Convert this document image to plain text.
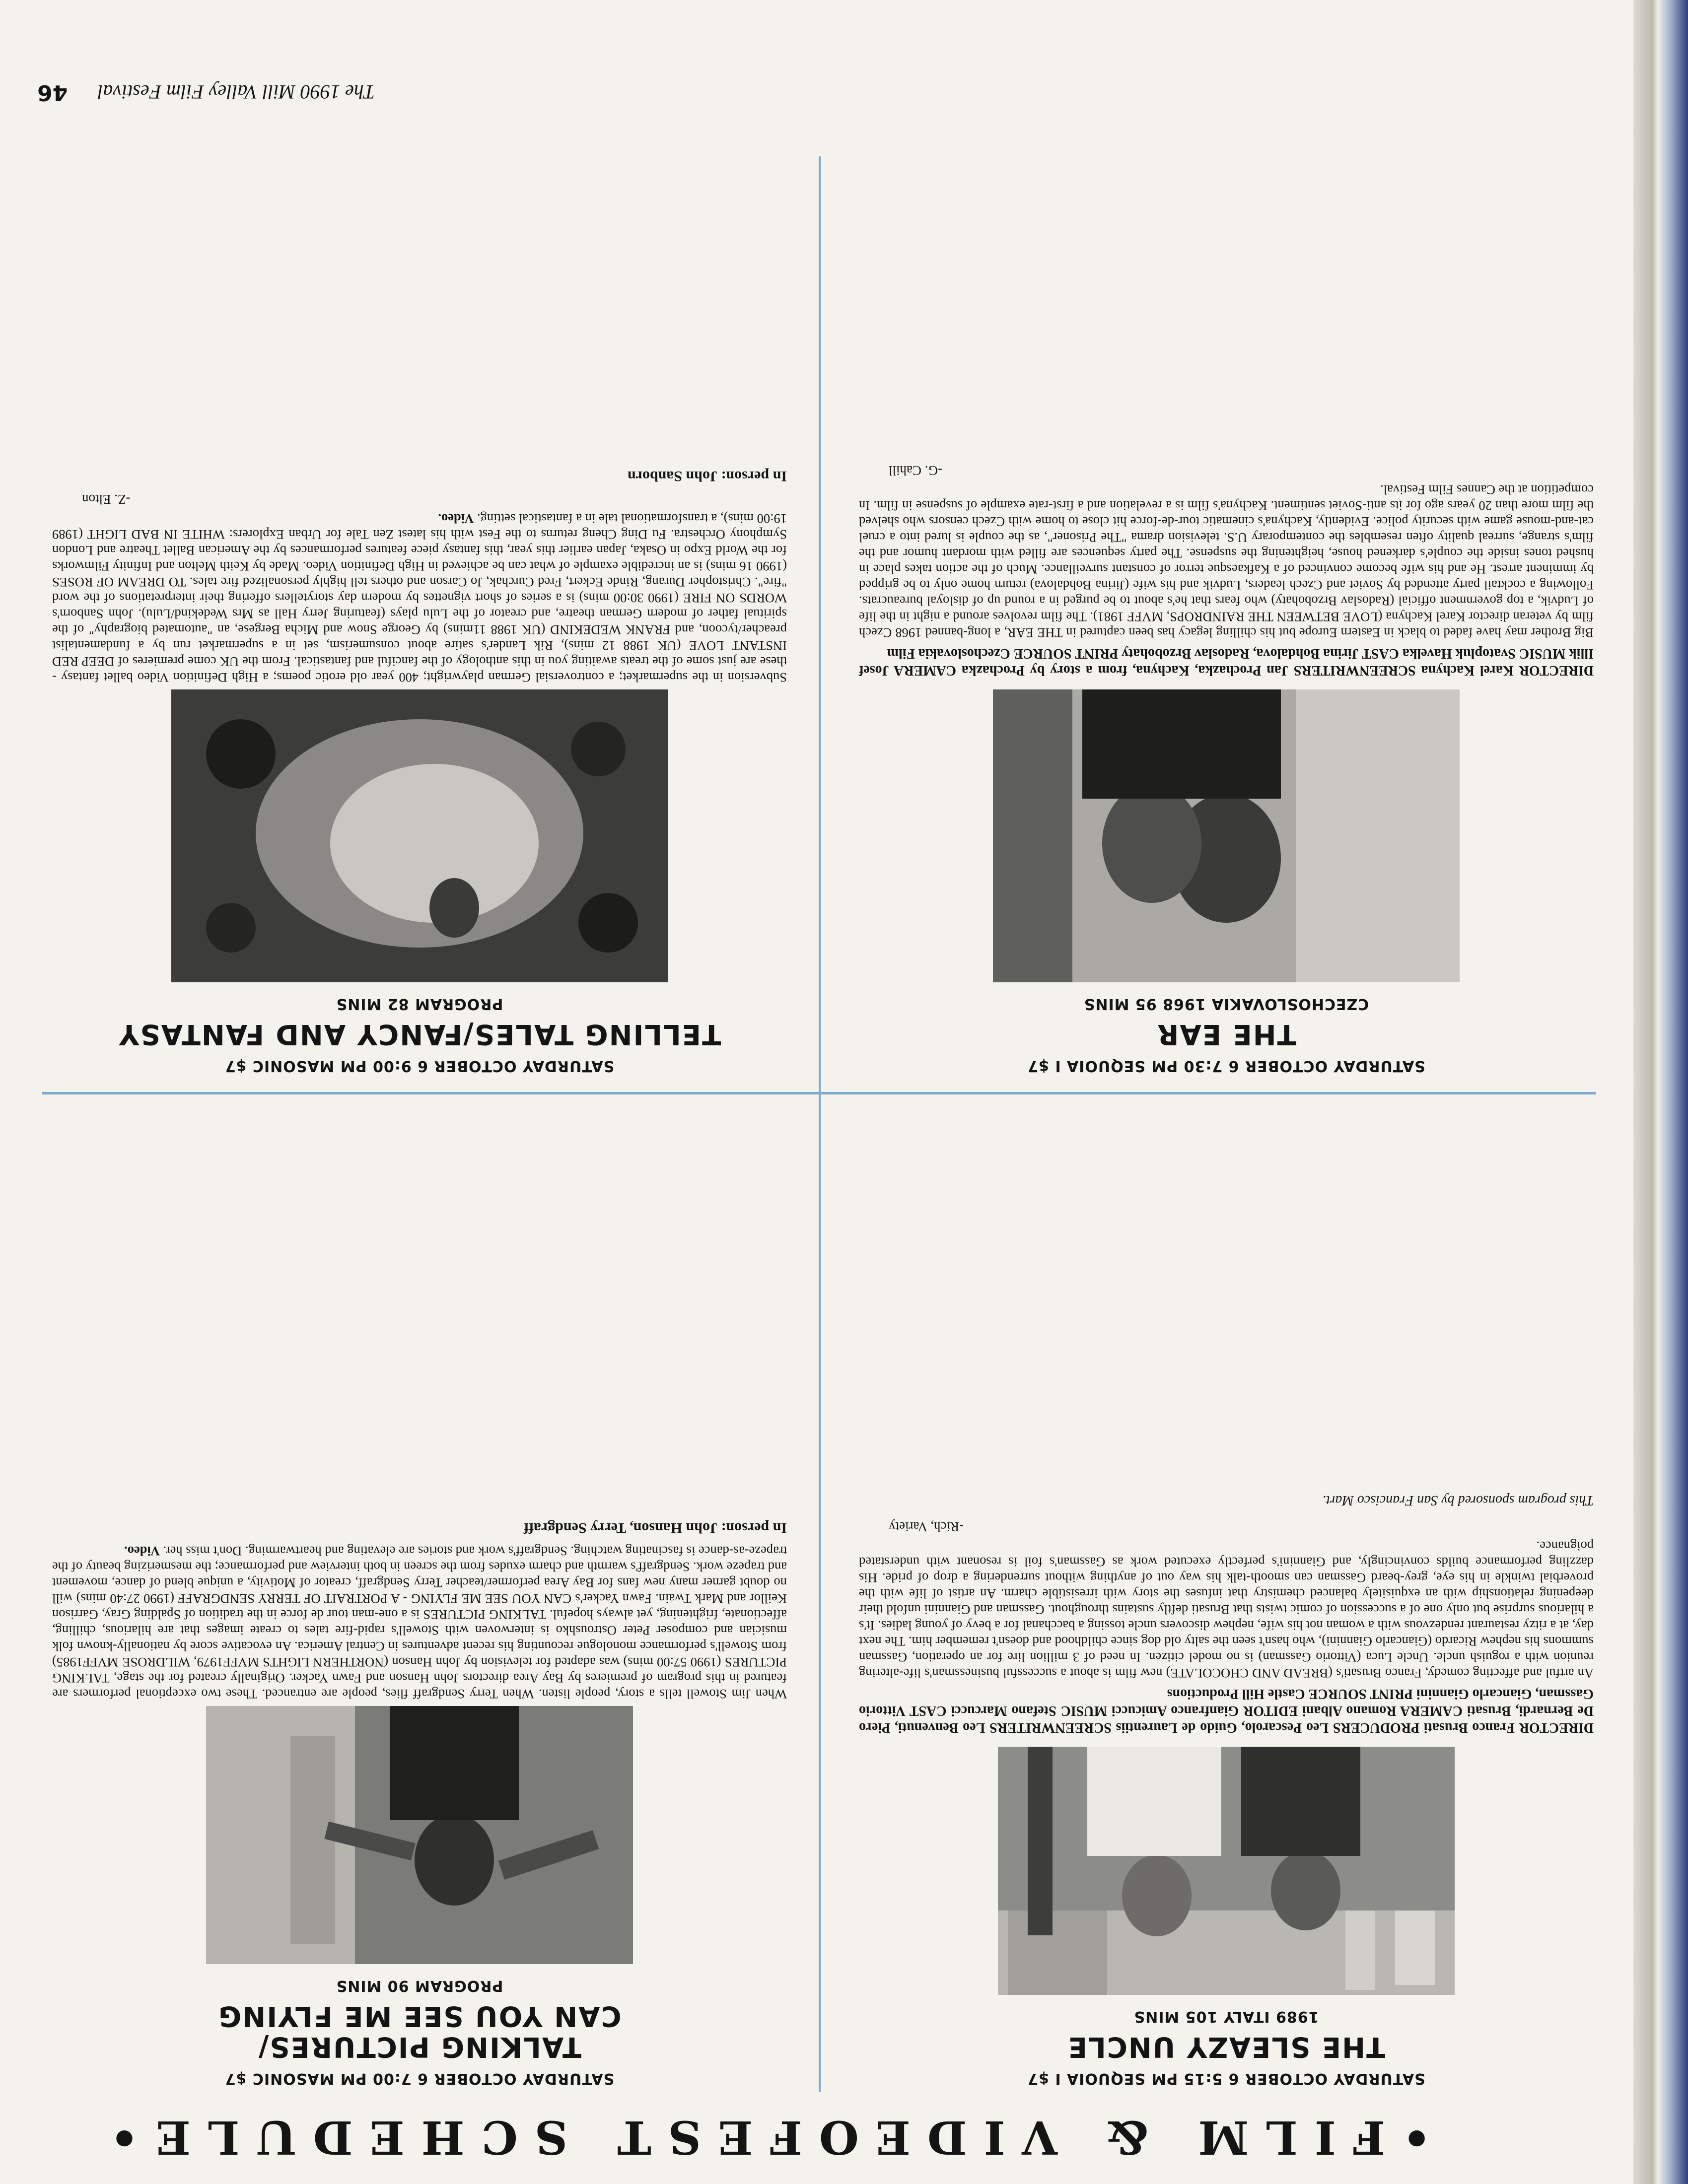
•FILM & VIDEOFEST SCHEDULE•
SATURDAY OCTOBER 6 5:15 PM SEQUOIA I $7
THE SLEAZY UNCLE
1989 ITALY 105 MINS
DIRECTOR Franco Brusati PRODUCERS Leo Pescarolo, Guido de Laurentiis SCREENWRITERS Leo Benvenuti, Piero De Bernardi, Brusati CAMERA Romano Albani EDITOR Gianfranco Amicucci MUSIC Stefano Marcucci CAST Vittorio Gassman, Giancarlo Giannini PRINT SOURCE Castle Hill Productions
An artful and affecting comedy, Franco Brusati's (BREAD AND CHOCOLATE) new film is about a successful businessman's life-altering reunion with a roguish uncle. Uncle Luca (Vittorio Gassman) is no model citizen. In need of 3 million lire for an operation, Gassman summons his nephew Ricardo (Giancarlo Giannini), who hasn't seen the salty old dog since childhood and doesn't remember him. The next day, at a ritzy restaurant rendezvous with a woman not his wife, nephew discovers uncle tossing a bacchanal for a bevy of young ladies. It's a hilarious surprise but only one of a succession of comic twists that Brusati deftly sustains throughout. Gassman and Giannini unfold their deepening relationship with an exquisitely balanced chemistry that infuses the story with irresistible charm. An artist of life with the proverbial twinkle in his eye, grey-beard Gassman can smooth-talk his way out of anything without surrendering a drop of pride. His dazzling performance builds convincingly, and Giannini's perfectly executed work as Gassman's foil is resonant with understated poignance.
-Rich, Variety
This program sponsored by San Francisco Mart.
SATURDAY OCTOBER 6 7:00 PM MASONIC $7
TALKING PICTURES/
CAN YOU SEE ME FLYING
PROGRAM 90 MINS
When Jim Stowell tells a story, people listen. When Terry Sendgraff flies, people are entranced. These two exceptional performers are featured in this program of premieres by Bay Area directors John Hanson and Fawn Yacker. Originally created for the stage, TALKING PICTURES (1990 57:00 mins) was adapted for television by John Hanson (NORTHERN LIGHTS MVFF1979, WILDROSE MVFF1985) from Stowell's performance monologue recounting his recent adventures in Central America. An evocative score by nationally-known folk musician and composer Peter Ostroushko is interwoven with Stowell's rapid-fire tales to create images that are hilarious, chilling, affectionate, frightening, yet always hopeful. TALKING PICTURES is a one-man tour de force in the tradition of Spalding Gray, Garrison Keillor and Mark Twain. Fawn Yacker's CAN YOU SEE ME FLYING - A PORTRAIT OF TERRY SENDGRAFF (1990 27:40 mins) will no doubt garner many new fans for Bay Area performer/teacher Terry Sendgraff, creator of Motivity, a unique blend of dance, movement and trapeze work. Sendgraff's warmth and charm exudes from the screen in both interview and performance; the mesmerizing beauty of the trapeze-as-dance is fascinating watching. Sendgraff's work and stories are elevating and heartwarming. Don't miss her. Video.
In person: John Hanson, Terry Sendgraff
SATURDAY OCTOBER 6 7:30 PM SEQUOIA I $7
THE EAR
CZECHOSLOVAKIA 1968 95 MINS
DIRECTOR Karel Kachyna SCREENWRITERS Jan Prochazka, Kachyna, from a story by Prochazka CAMERA Josef Illik MUSIC Svatopluk Havelka CAST Jirina Bohdalova, Radoslav Brzobohaty PRINT SOURCE Czechoslovakia Film
Big Brother may have faded to black in Eastern Europe but his chilling legacy has been captured in THE EAR, a long-banned 1968 Czech film by veteran director Karel Kachyna (LOVE BETWEEN THE RAINDROPS, MVFF 1981). The film revolves around a night in the life of Ludvik, a top government official (Radoslav Brzobohaty) who fears that he's about to be purged in a round up of disloyal bureaucrats. Following a cocktail party attended by Soviet and Czech leaders, Ludvik and his wife (Jirina Bohdalova) return home only to be gripped by imminent arrest. He and his wife become convinced of a Kafkaesque terror of constant surveillance. Much of the action takes place in hushed tones inside the couple's darkened house, heightening the suspense. The party sequences are filled with mordant humor and the film's strange, surreal quality often resembles the contemporary U.S. television drama "The Prisoner", as the couple is lured into a cruel cat-and-mouse game with security police. Evidently, Kachyna's cinematic tour-de-force hit close to home with Czech censors who shelved the film more than 20 years ago for its anti-Soviet sentiment. Kachyna's film is a revelation and a first-rate example of suspense in film. In competition at the Cannes Film Festival.
-G. Cahill
SATURDAY OCTOBER 6 9:00 PM MASONIC $7
TELLING TALES/FANCY AND FANTASY
PROGRAM 82 MINS
Subversion in the supermarket; a controversial German playwright; 400 year old erotic poems; a High Definition Video ballet fantasy - these are just some of the treats awaiting you in this anthology of the fanciful and fantastical. From the UK come premieres of DEEP RED INSTANT LOVE (UK 1988 12 mins), Rik Lander's satire about consumerism, set in a supermarket run by a fundamentalist preacher/tycoon, and FRANK WEDEKIND (UK 1988 11mins) by George Snow and Micha Bergese, an "automated biography" of the spiritual father of modern German theatre, and creator of the Lulu plays (featuring Jerry Hall as Mrs Wedekind/Lulu). John Sanborn's WORDS ON FIRE (1990 30:00 mins) is a series of short vignettes by modern day storytellers offering their interpretations of the word "fire". Christopher Durang, Rinde Eckert, Fred Curchak, Jo Carson and others tell highly personalized fire tales. TO DREAM OF ROSES (1990 16 mins) is an incredible example of what can be achieved in High Definition Video. Made by Keith Melton and Infinity Filmworks for the World Expo in Osaka, Japan earlier this year, this fantasy piece features performances by the American Ballet Theatre and London Symphony Orchestra. Fu Ding Cheng returns to the Fest with his latest Zen Tale for Urban Explorers: WHITE IN BAD LIGHT (1989 19:00 mins), a transformational tale in a fantastical setting. Video.
-Z. Elton
In person: John Sanborn
The 1990 Mill Valley Film Festival46
